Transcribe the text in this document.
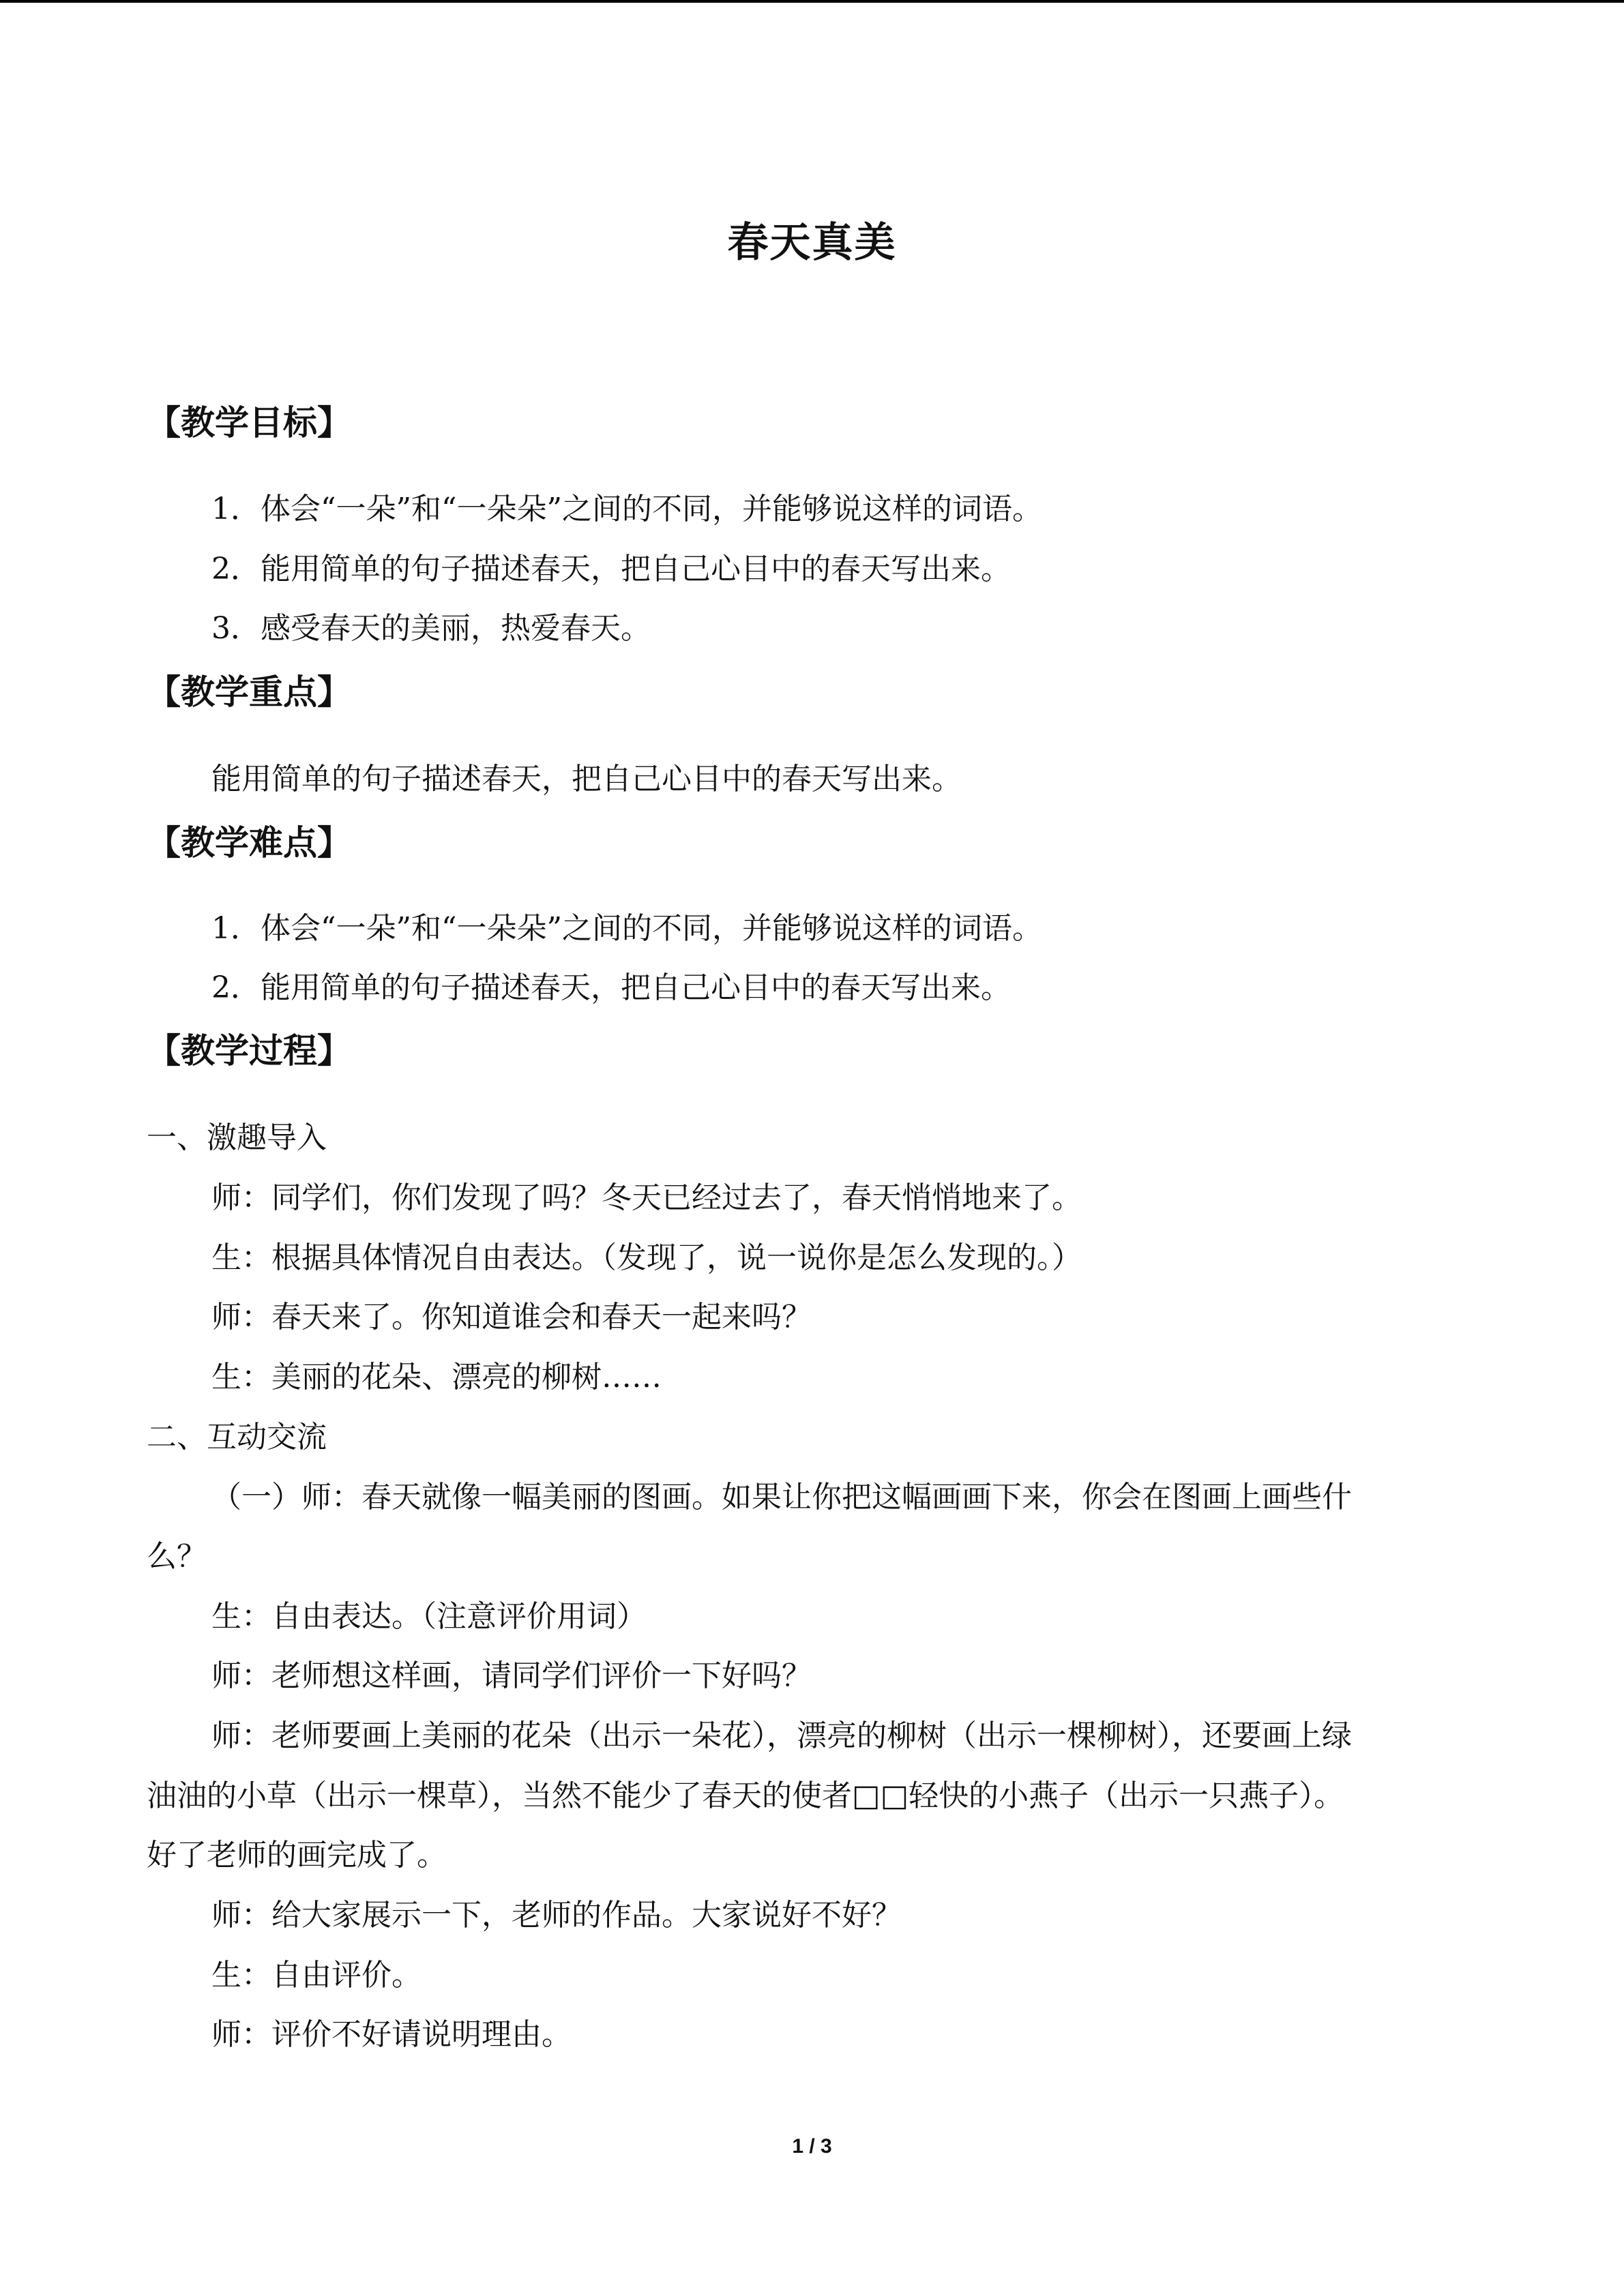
春天真美
【教学目标】
1．体会“一朵”和“一朵朵”之间的不同，并能够说这样的词语。
2．能用简单的句子描述春天，把自己心目中的春天写出来。
3．感受春天的美丽，热爱春天。
【教学重点】
能用简单的句子描述春天，把自己心目中的春天写出来。
【教学难点】
1．体会“一朵”和“一朵朵”之间的不同，并能够说这样的词语。
2．能用简单的句子描述春天，把自己心目中的春天写出来。
【教学过程】
一、激趣导入
师：同学们，你们发现了吗？冬天已经过去了，春天悄悄地来了。
生：根据具体情况自由表达。（发现了，说一说你是怎么发现的。）
师：春天来了。你知道谁会和春天一起来吗？
生：美丽的花朵、漂亮的柳树……
二、互动交流
（一）师：春天就像一幅美丽的图画。如果让你把这幅画画下来，你会在图画上画些什
么？
生：自由表达。（注意评价用词）
师：老师想这样画，请同学们评价一下好吗？
师：老师要画上美丽的花朵（出示一朵花），漂亮的柳树（出示一棵柳树），还要画上绿
油油的小草（出示一棵草），当然不能少了春天的使者□□轻快的小燕子（出示一只燕子）。
好了老师的画完成了。
师：给大家展示一下，老师的作品。大家说好不好？
生：自由评价。
师：评价不好请说明理由。
1 / 3
